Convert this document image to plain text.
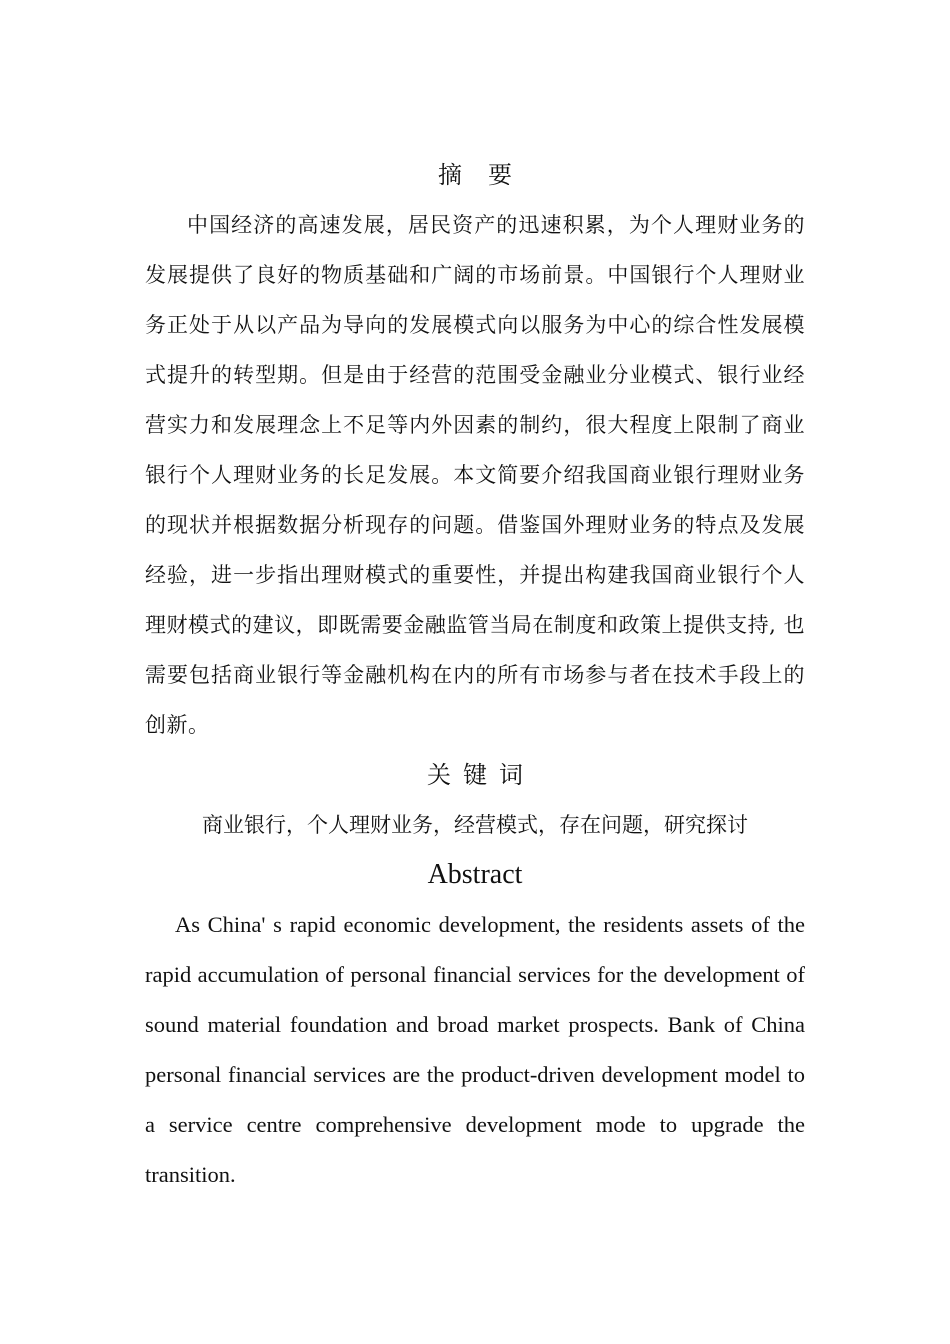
摘要

中国经济的高速发展，居民资产的迅速积累，为个人理财业务的发展提供了良好的物质基础和广阔的市场前景。中国银行个人理财业务正处于从以产品为导向的发展模式向以服务为中心的综合性发展模式提升的转型期。但是由于经营的范围受金融业分业模式、银行业经营实力和发展理念上不足等内外因素的制约，很大程度上限制了商业银行个人理财业务的长足发展。本文简要介绍我国商业银行理财业务的现状并根据数据分析现存的问题。借鉴国外理财业务的特点及发展经验，进一步指出理财模式的重要性，并提出构建我国商业银行个人理财模式的建议，即既需要金融监管当局在制度和政策上提供支持, 也需要包括商业银行等金融机构在内的所有市场参与者在技术手段上的创新。

关键词

商业银行，个人理财业务，经营模式，存在问题，研究探讨

Abstract

As China' s rapid economic development, the residents assets of the rapid accumulation of personal financial services for the development of sound material foundation and broad market prospects. Bank of China personal financial services are the product-driven development model to a service centre comprehensive development mode to upgrade the transition.
